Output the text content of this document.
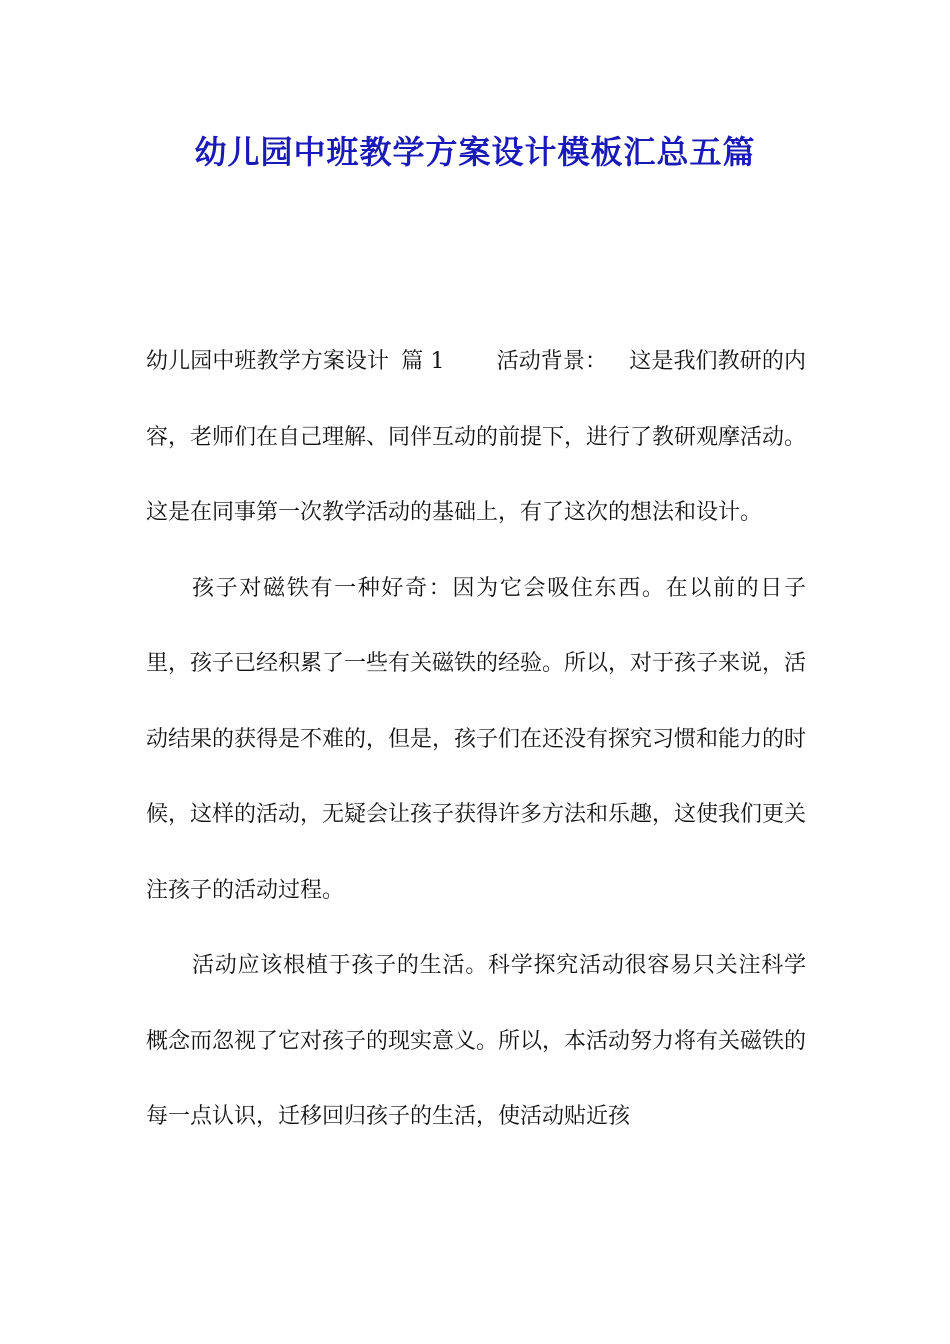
幼儿园中班教学方案设计模板汇总五篇

幼儿园中班教学方案设计 篇 1 活动背景： 这是我们教研的内容，老师们在自己理解、同伴互动的前提下，进行了教研观摩活动。这是在同事第一次教学活动的基础上，有了这次的想法和设计。

孩子对磁铁有一种好奇：因为它会吸住东西。在以前的日子里，孩子已经积累了一些有关磁铁的经验。所以，对于孩子来说，活动结果的获得是不难的，但是，孩子们在还没有探究习惯和能力的时候，这样的活动，无疑会让孩子获得许多方法和乐趣，这使我们更关注孩子的活动过程。

活动应该根植于孩子的生活。科学探究活动很容易只关注科学概念而忽视了它对孩子的现实意义。所以，本活动努力将有关磁铁的每一点认识，迁移回归孩子的生活，使活动贴近孩
